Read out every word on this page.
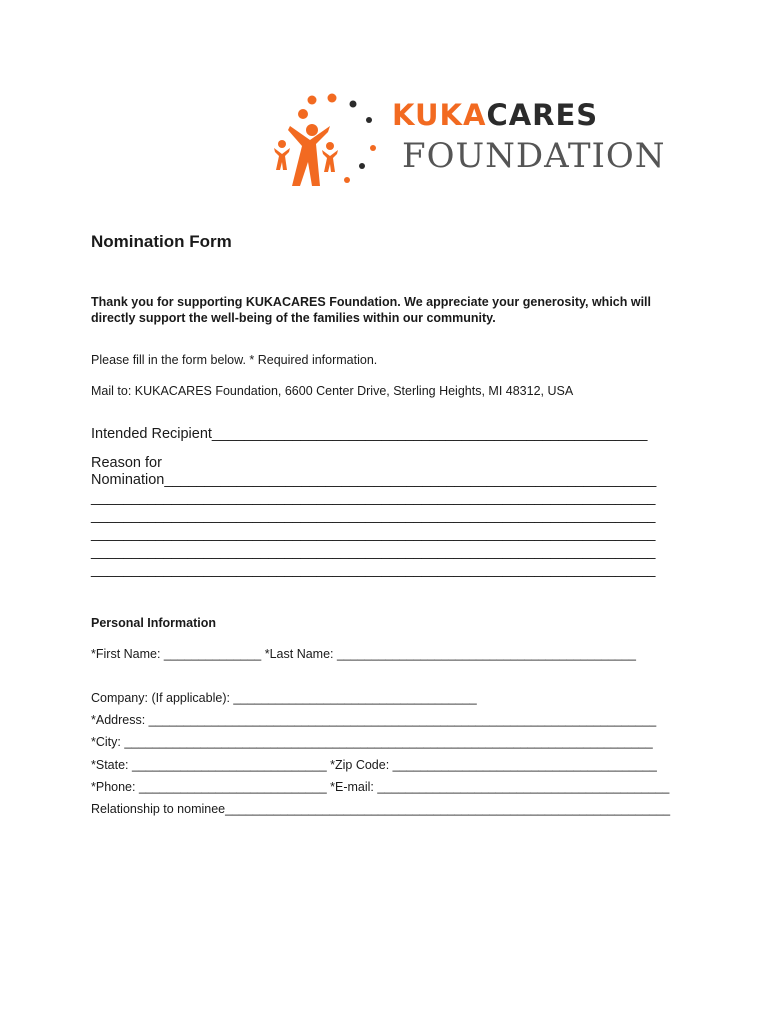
KUKACARES
FOUNDATION
Nomination Form
Thank you for supporting KUKACARES Foundation. We appreciate your generosity, which will
directly support the well-being of the families within our community.
Please fill in the form below. * Required information.
Mail to: KUKACARES Foundation, 6600 Center Drive, Sterling Heights, MI 48312, USA
Intended Recipient______________________________________________________
Reason for
Nomination_____________________________________________________________
______________________________________________________________________
______________________________________________________________________
______________________________________________________________________
______________________________________________________________________
______________________________________________________________________
Personal Information
*First Name: ______________ *Last Name: ___________________________________________
Company: (If applicable): ___________________________________
*Address: _________________________________________________________________________
*City: ____________________________________________________________________________
*State: ____________________________ *Zip Code: ______________________________________
*Phone: ___________________________ *E-mail: __________________________________________
Relationship to nominee________________________________________________________________
